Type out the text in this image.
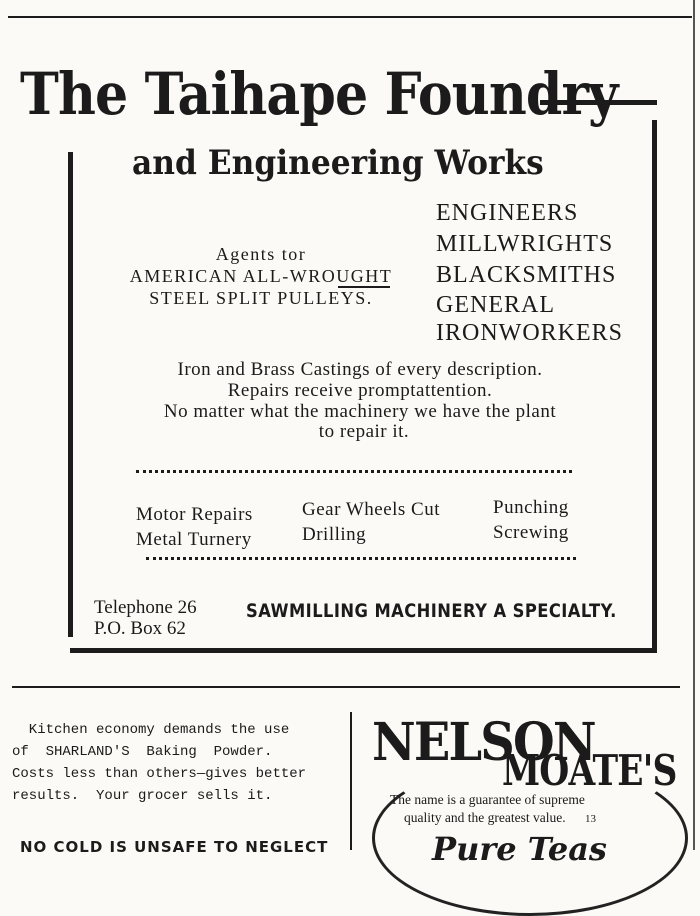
The Taihape Foundry
and Engineering Works
ENGINEERS
MILLWRIGHTS
BLACKSMITHS
GENERAL
IRONWORKERS
Agents tor
AMERICAN ALL-WROUGHT
STEEL SPLIT PULLEYS.
Iron and Brass Castings of every description.
Repairs receive promptattention.
No matter what the machinery we have the plant
to repair it.
Motor Repairs
Metal Turnery
Gear Wheels Cut
Drilling
Punching
Screwing
Telephone 26
P.O. Box 62
SAWMILLING MACHINERY A SPECIALTY.
Kitchen economy demands the use
of  SHARLAND'S  Baking  Powder.
Costs less than others—gives better
results.  Your grocer sells it.
NO COLD IS UNSAFE TO NEGLECT
NELSON
MOATE'S
The name is a guarantee of supreme
quality and the greatest value. 13
Pure Teas
